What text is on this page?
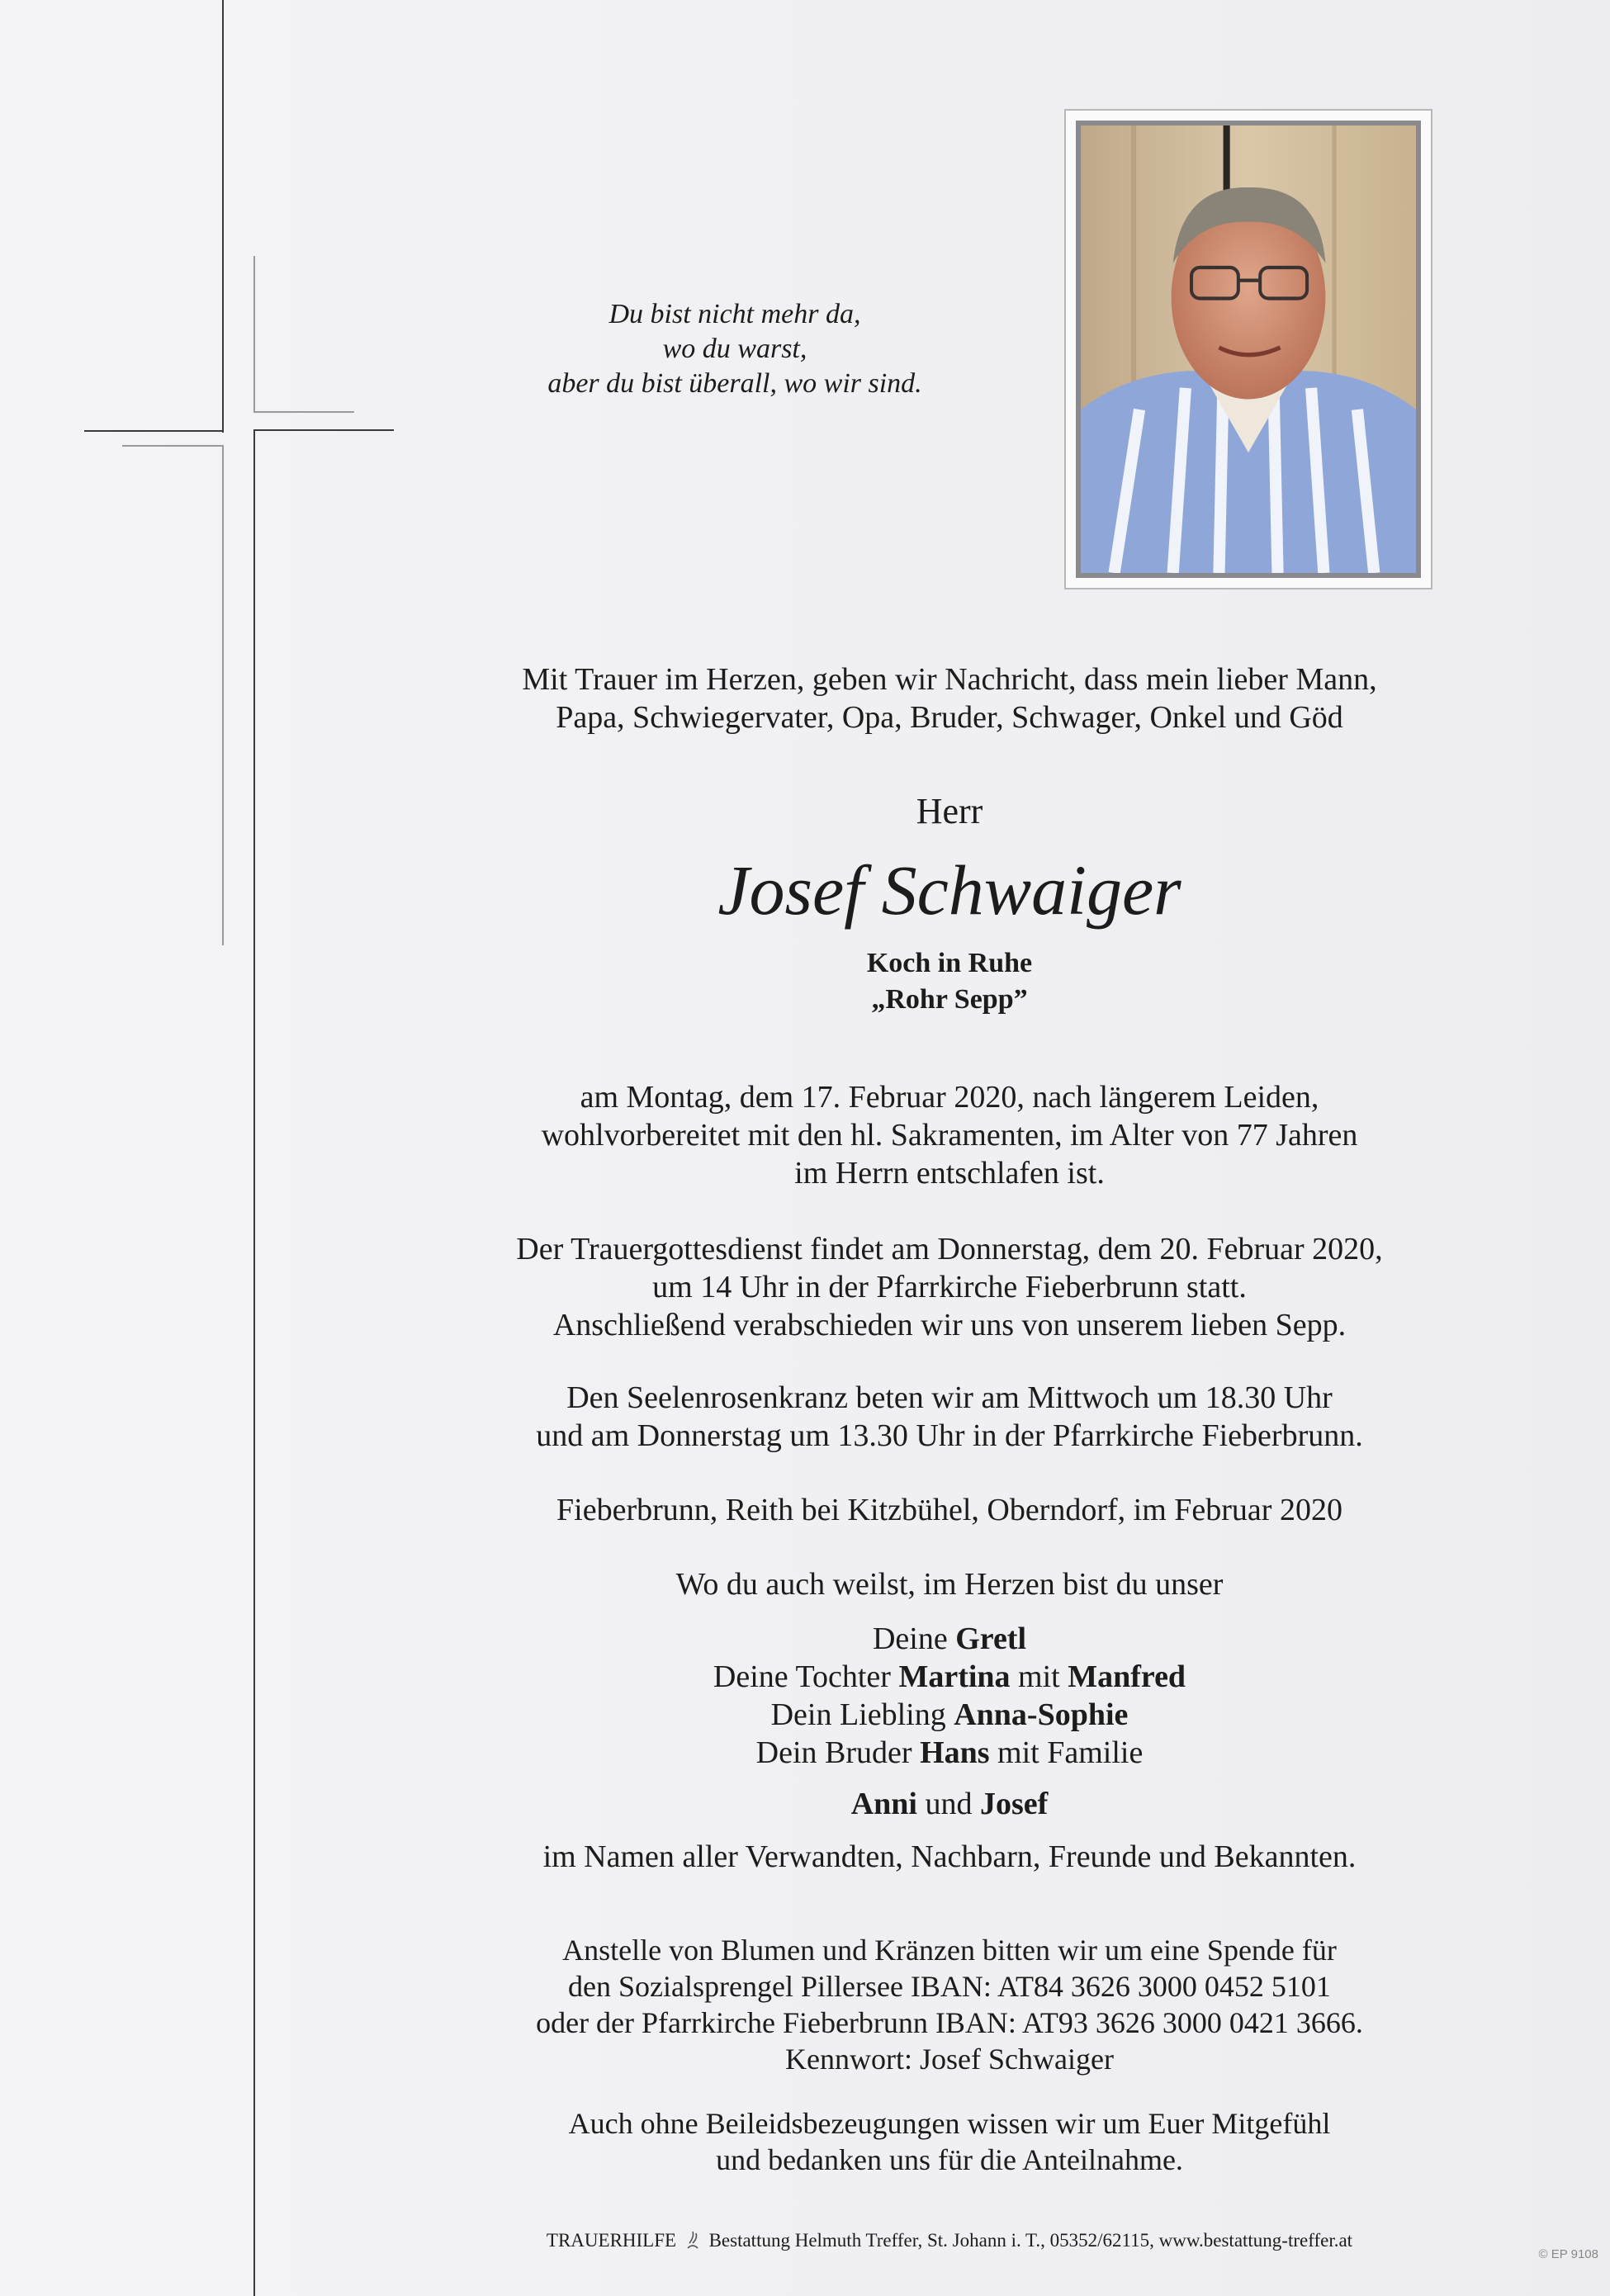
Du bist nicht mehr da,
wo du warst,
aber du bist überall, wo wir sind.
Mit Trauer im Herzen, geben wir Nachricht, dass mein lieber Mann,
Papa, Schwiegervater, Opa, Bruder, Schwager, Onkel und Göd
Herr
Josef Schwaiger
Koch in Ruhe
„Rohr Sepp”
am Montag, dem 17. Februar 2020, nach längerem Leiden,
wohlvorbereitet mit den hl. Sakramenten, im Alter von 77 Jahren
im Herrn entschlafen ist.
Der Trauergottesdienst findet am Donnerstag, dem 20. Februar 2020,
um 14 Uhr in der Pfarrkirche Fieberbrunn statt.
Anschließend verabschieden wir uns von unserem lieben Sepp.
Den Seelenrosenkranz beten wir am Mittwoch um 18.30 Uhr
und am Donnerstag um 13.30 Uhr in der Pfarrkirche Fieberbrunn.
Fieberbrunn, Reith bei Kitzbühel, Oberndorf, im Februar 2020
Wo du auch weilst, im Herzen bist du unser
Deine Gretl
Deine Tochter Martina mit Manfred
Dein Liebling Anna-Sophie
Dein Bruder Hans mit Familie
Anni und Josef
im Namen aller Verwandten, Nachbarn, Freunde und Bekannten.
Anstelle von Blumen und Kränzen bitten wir um eine Spende für
den Sozialsprengel Pillersee IBAN: AT84 3626 3000 0452 5101
oder der Pfarrkirche Fieberbrunn IBAN: AT93 3626 3000 0421 3666.
Kennwort: Josef Schwaiger
Auch ohne Beileidsbezeugungen wissen wir um Euer Mitgefühl
und bedanken uns für die Anteilnahme.
TRAUERHILFE Bestattung Helmuth Treffer, St. Johann i. T., 05352/62115, www.bestattung-treffer.at
© EP 9108
